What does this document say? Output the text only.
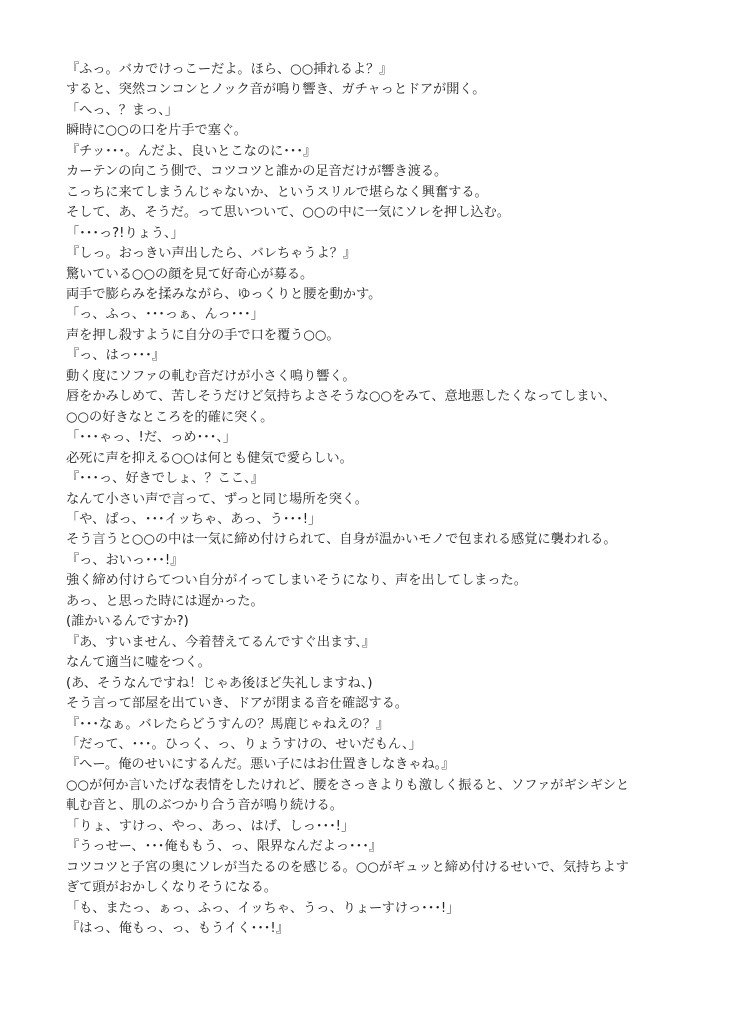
『ふっ。バカでけっこーだよ。ほら、○○挿れるよ？』
すると、突然コンコンとノック音が鳴り響き、ガチャっとドアが開く。
「へっ、？まっ、」
瞬時に○○の口を片手で塞ぐ。
『チッ･･･。んだよ、良いとこなのに･･･』
カーテンの向こう側で、コツコツと誰かの足音だけが響き渡る。
こっちに来てしまうんじゃないか、というスリルで堪らなく興奮する。
そして、あ、そうだ。って思いついて、○○の中に一気にソレを押し込む。
「･･･っ?!りょう、」
『しっ。おっきい声出したら、バレちゃうよ？』
驚いている○○の顔を見て好奇心が募る。
両手で膨らみを揉みながら、ゆっくりと腰を動かす。
「っ、ふっ、･･･っぁ、んっ･･･」
声を押し殺すように自分の手で口を覆う○○。
『っ、はっ･･･』
動く度にソファの軋む音だけが小さく鳴り響く。
唇をかみしめて、苦しそうだけど気持ちよさそうな○○をみて、意地悪したくなってしまい、
○○の好きなところを的確に突く。
「･･･ゃっ、!だ、っめ･･･、」
必死に声を抑える○○は何とも健気で愛らしい。
『･･･っ、好きでしょ、？ここ、』
なんて小さい声で言って、ずっと同じ場所を突く。
「や、ぱっ、･･･イッちゃ、あっ、う･･･!」
そう言うと○○の中は一気に締め付けられて、自身が温かいモノで包まれる感覚に襲われる。
『っ、おいっ･･･!』
強く締め付けらてつい自分がイってしまいそうになり、声を出してしまった。
あっ、と思った時には遅かった。
(誰かいるんですか?)
『あ、すいません、今着替えてるんですぐ出ます、』
なんて適当に嘘をつく。
(あ、そうなんですね！じゃあ後ほど失礼しますね、)
そう言って部屋を出ていき、ドアが閉まる音を確認する。
『･･･なぁ。バレたらどうすんの？馬鹿じゃねえの？』
「だって、･･･。ひっく、っ、りょうすけの、せいだもん、」
『へー。俺のせいにするんだ。悪い子にはお仕置きしなきゃね。』
○○が何か言いたげな表情をしたけれど、腰をさっきよりも激しく振ると、ソファがギシギシと
軋む音と、肌のぶつかり合う音が鳴り続ける。
「りょ、すけっ、やっ、あっ、はげ、しっ･･･!」
『うっせー、･･･俺ももう、っ、限界なんだよっ･･･』
コツコツと子宮の奥にソレが当たるのを感じる。○○がギュッと締め付けるせいで、気持ちよす
ぎて頭がおかしくなりそうになる。
「も、またっ、ぁっ、ふっ、イッちゃ、うっ、りょーすけっ･･･!」
『はっ、俺もっ、っ、もうイく･･･!』
